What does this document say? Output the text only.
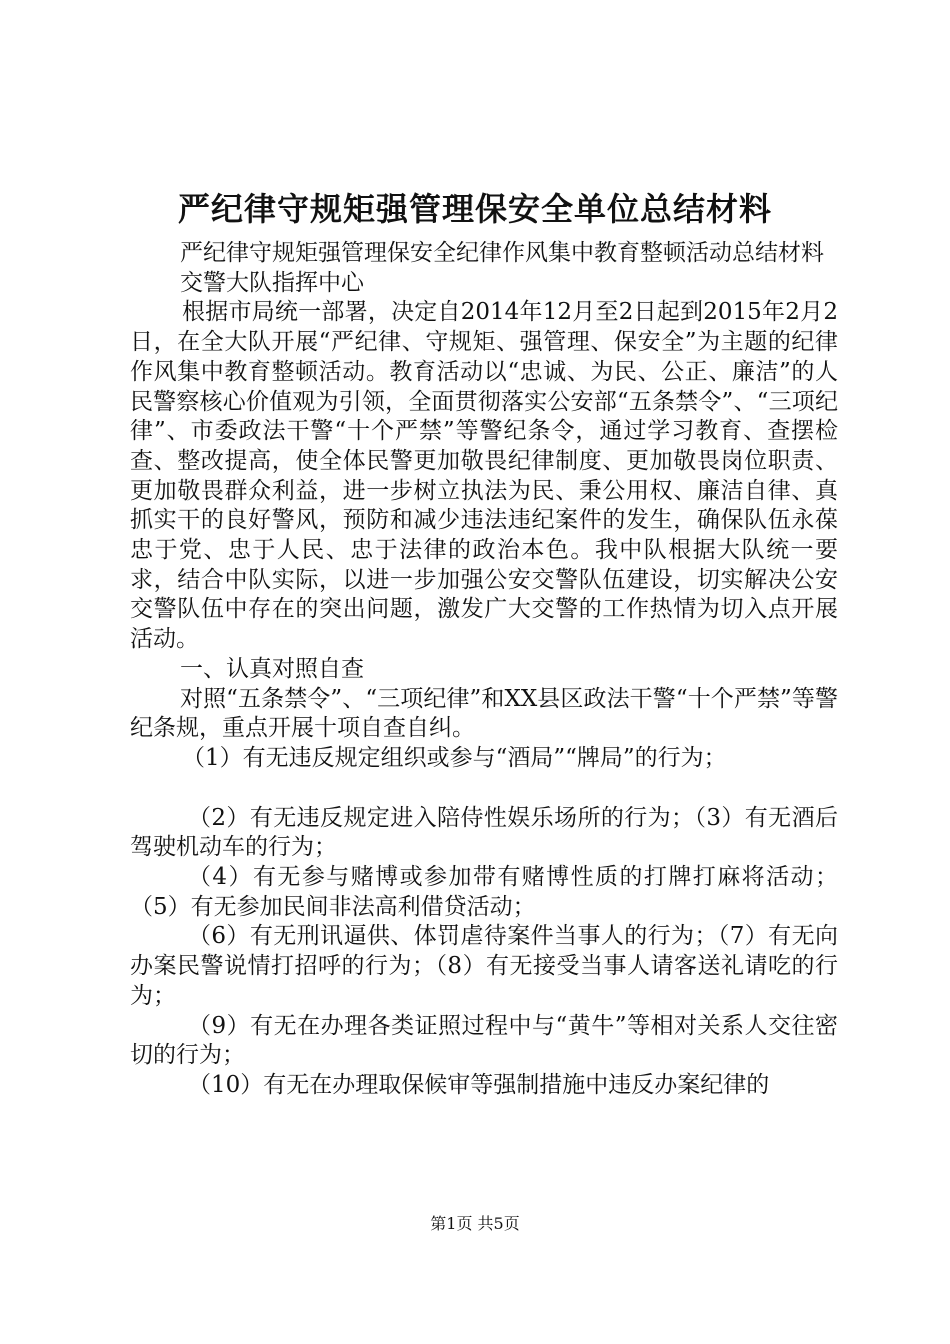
严纪律守规矩强管理保安全单位总结材料

严纪律守规矩强管理保安全纪律作风集中教育整顿活动总结材料

交警大队指挥中心

根据市局统一部署，决定自2014年12月至2日起到2015年2月2日，在全大队开展“严纪律、守规矩、强管理、保安全”为主题的纪律作风集中教育整顿活动。教育活动以“忠诚、为民、公正、廉洁”的人民警察核心价值观为引领，全面贯彻落实公安部“五条禁令”、“三项纪律”、市委政法干警“十个严禁”等警纪条令，通过学习教育、查摆检查、整改提高，使全体民警更加敬畏纪律制度、更加敬畏岗位职责、更加敬畏群众利益，进一步树立执法为民、秉公用权、廉洁自律、真抓实干的良好警风，预防和减少违法违纪案件的发生，确保队伍永葆忠于党、忠于人民、忠于法律的政治本色。我中队根据大队统一要求，结合中队实际，以进一步加强公安交警队伍建设，切实解决公安交警队伍中存在的突出问题，激发广大交警的工作热情为切入点开展活动。

一、认真对照自查

对照“五条禁令”、“三项纪律”和XX县区政法干警“十个严禁”等警纪条规，重点开展十项自查自纠。

（1）有无违反规定组织或参与“酒局”“牌局”的行为；

（2）有无违反规定进入陪侍性娱乐场所的行为；（3）有无酒后驾驶机动车的行为；

（4）有无参与赌博或参加带有赌博性质的打牌打麻将活动；（5）有无参加民间非法高利借贷活动；

（6）有无刑讯逼供、体罚虐待案件当事人的行为；（7）有无向办案民警说情打招呼的行为；（8）有无接受当事人请客送礼请吃的行为；

（9）有无在办理各类证照过程中与“黄牛”等相对关系人交往密切的行为；

（10）有无在办理取保候审等强制措施中违反办案纪律的

第1页 共5页
